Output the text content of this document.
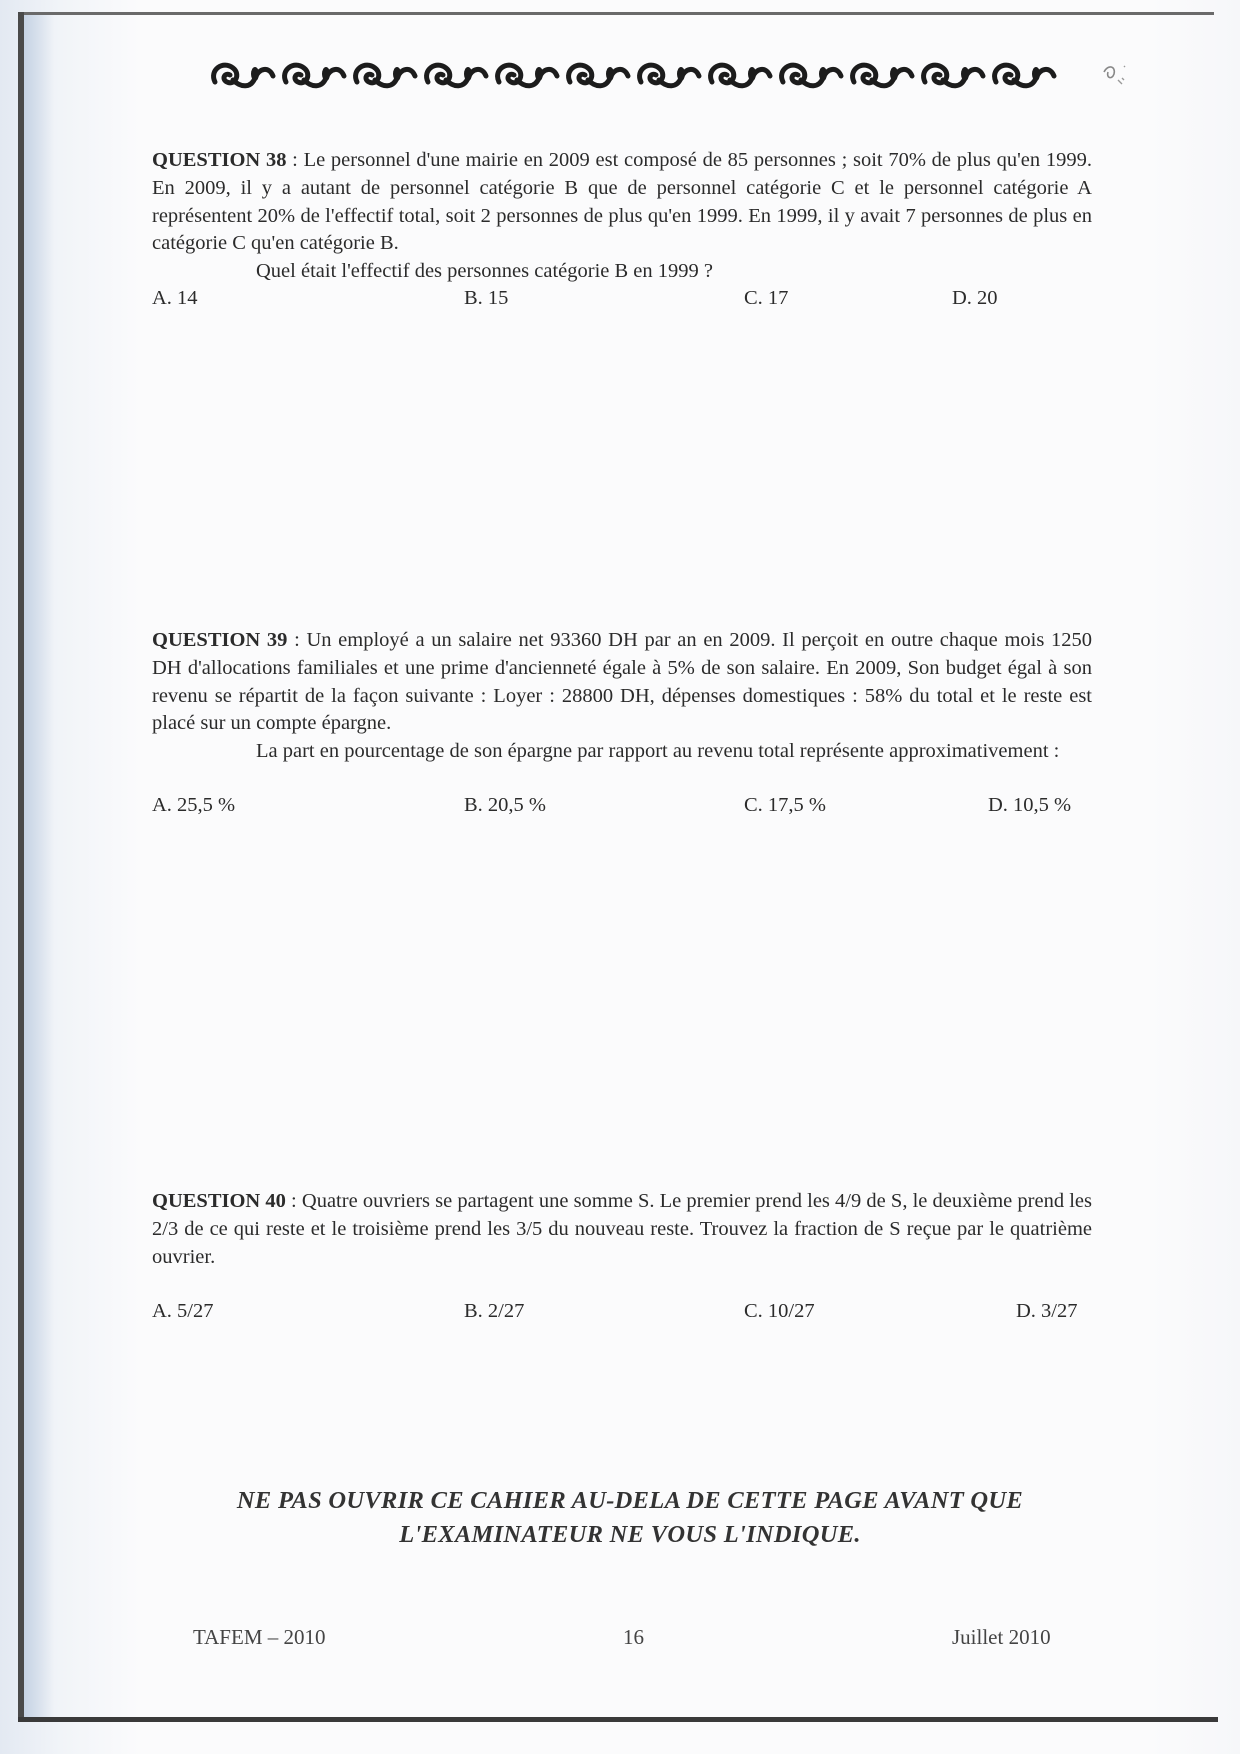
QUESTION 38 : Le personnel d'une mairie en 2009 est composé de 85 personnes ; soit 70% de plus qu'en 1999. En 2009, il y a autant de personnel catégorie B que de personnel catégorie C et le personnel catégorie A représentent 20% de l'effectif total, soit 2 personnes de plus qu'en 1999. En 1999, il y avait 7 personnes de plus en catégorie C qu'en catégorie B.
Quel était l'effectif des personnes catégorie B en 1999 ?
A. 14	B. 15	C. 17	D. 20
QUESTION 39 : Un employé a un salaire net 93360 DH par an en 2009. Il perçoit en outre chaque mois 1250 DH d'allocations familiales et une prime d'ancienneté égale à 5% de son salaire. En 2009, Son budget égal à son revenu se répartit de la façon suivante : Loyer : 28800 DH, dépenses domestiques : 58% du total et le reste est placé sur un compte épargne.
La part en pourcentage de son épargne par rapport au revenu total représente approximativement :
A. 25,5 %	B. 20,5 %	C. 17,5 %	D. 10,5 %
QUESTION 40 : Quatre ouvriers se partagent une somme S. Le premier prend les 4/9 de S, le deuxième prend les 2/3 de ce qui reste et le troisième prend les 3/5 du nouveau reste. Trouvez la fraction de S reçue par le quatrième ouvrier.
A. 5/27	B. 2/27	C. 10/27	D. 3/27
NE PAS OUVRIR CE CAHIER AU-DELA DE CETTE PAGE AVANT QUE
L'EXAMINATEUR NE VOUS L'INDIQUE.
TAFEM – 2010	16	Juillet 2010
